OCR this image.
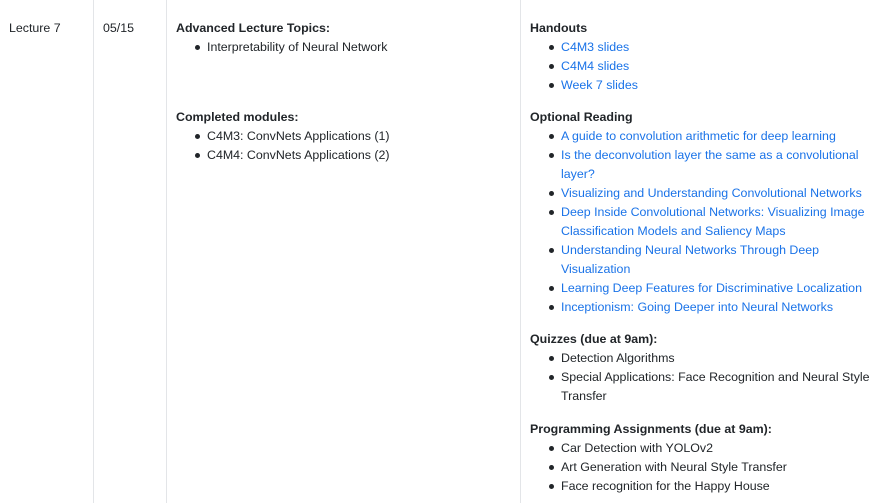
Lecture 7	05/15	Advanced Lecture Topics:

Interpretability of Neural Network

Completed modules:

C4M3: ConvNets Applications (1)
C4M4: ConvNets Applications (2)

Handouts

C4M3 slides
C4M4 slides
Week 7 slides

Optional Reading

A guide to convolution arithmetic for deep learning
Is the deconvolution layer the same as a convolutional layer?
Visualizing and Understanding Convolutional Networks
Deep Inside Convolutional Networks: Visualizing Image Classification Models and Saliency Maps
Understanding Neural Networks Through Deep Visualization
Learning Deep Features for Discriminative Localization
Inceptionism: Going Deeper into Neural Networks

Quizzes (due at 9am):

Detection Algorithms
Special Applications: Face Recognition and Neural Style Transfer

Programming Assignments (due at 9am):

Car Detection with YOLOv2
Art Generation with Neural Style Transfer
Face recognition for the Happy House
